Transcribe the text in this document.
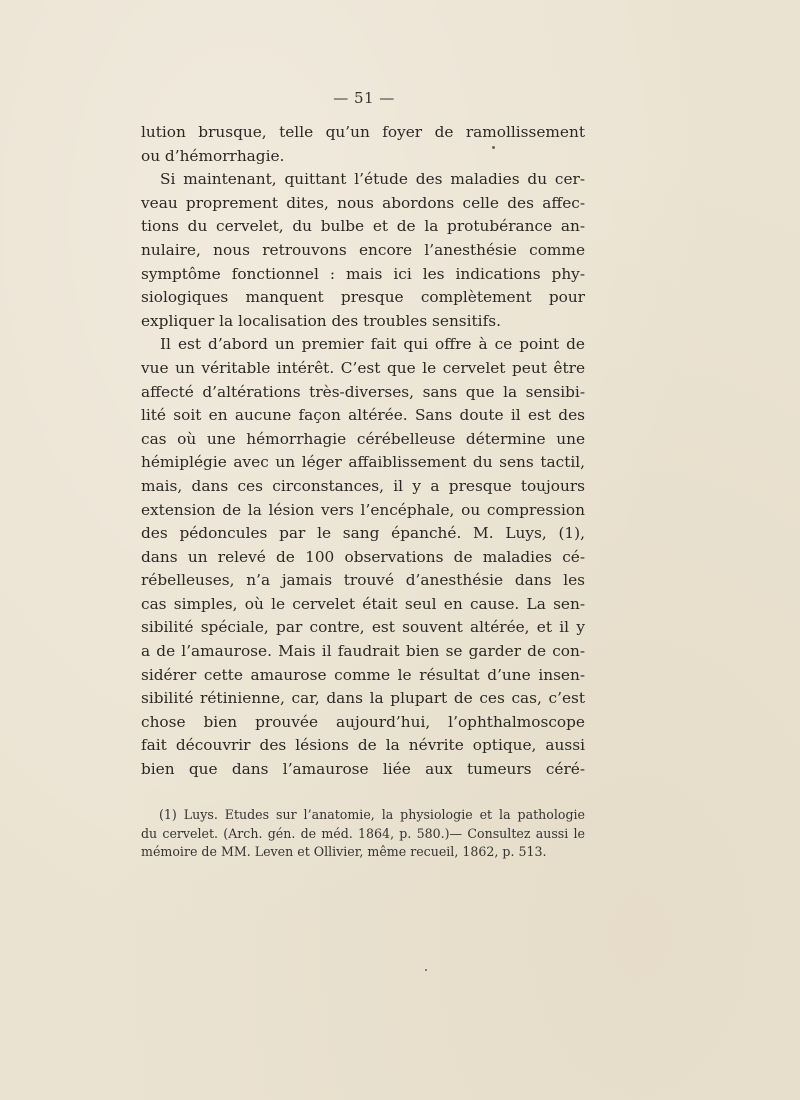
— 51 —
lution brusque, telle qu’un foyer de ramollissement
ou d’hémorrhagie.
Si maintenant, quittant l’étude des maladies du cer-
veau proprement dites, nous abordons celle des affec-
tions du cervelet, du bulbe et de la protubérance an-
nulaire, nous retrouvons encore l’anesthésie comme
symptôme fonctionnel : mais ici les indications phy-
siologiques manquent presque complètement pour
expliquer la localisation des troubles sensitifs.
Il est d’abord un premier fait qui offre à ce point de
vue un véritable intérêt. C’est que le cervelet peut être
affecté d’altérations très-diverses, sans que la sensibi-
lité soit en aucune façon altérée. Sans doute il est des
cas où une hémorrhagie cérébelleuse détermine une
hémiplégie avec un léger affaiblissement du sens tactil,
mais, dans ces circonstances, il y a presque toujours
extension de la lésion vers l’encéphale, ou compression
des pédoncules par le sang épanché. M. Luys, (1),
dans un relevé de 100 observations de maladies cé-
rébelleuses, n’a jamais trouvé d’anesthésie dans les
cas simples, où le cervelet était seul en cause. La sen-
sibilité spéciale, par contre, est souvent altérée, et il y
a de l’amaurose. Mais il faudrait bien se garder de con-
sidérer cette amaurose comme le résultat d’une insen-
sibilité rétinienne, car, dans la plupart de ces cas, c’est
chose bien prouvée aujourd’hui, l’ophthalmoscope
fait découvrir des lésions de la névrite optique, aussi
bien que dans l’amaurose liée aux tumeurs céré-
(1) Luys. Etudes sur l’anatomie, la physiologie et la pathologie
du cervelet. (Arch. gén. de méd. 1864, p. 580.)— Consultez aussi le
mémoire de MM. Leven et Ollivier, même recueil, 1862, p. 513.
